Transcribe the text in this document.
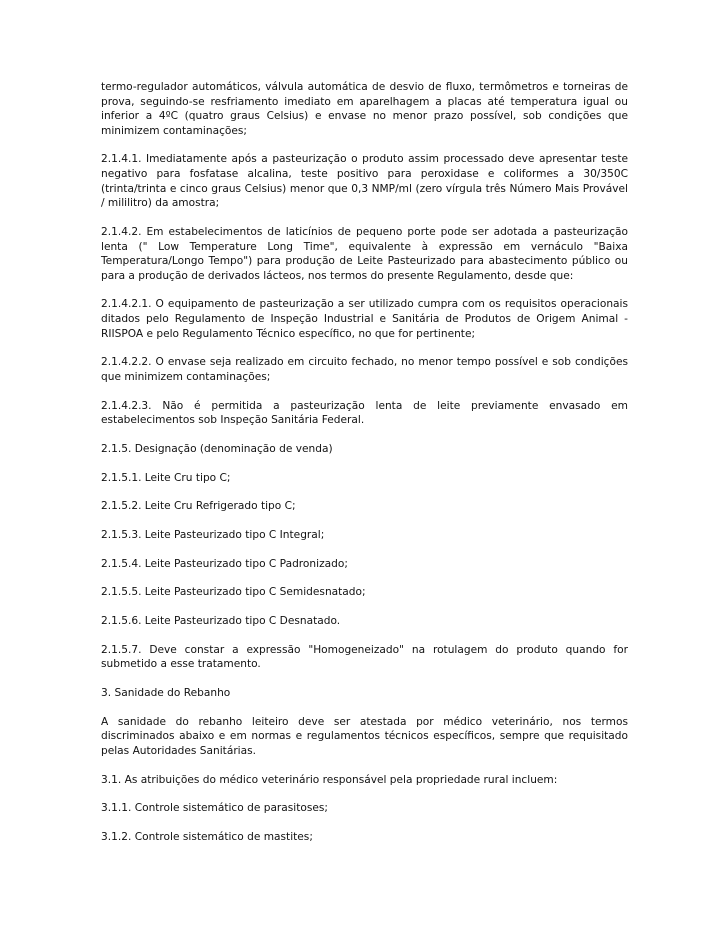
termo-regulador automáticos, válvula automática de desvio de fluxo, termômetros e torneiras de prova, seguindo-se resfriamento imediato em aparelhagem a placas até temperatura igual ou inferior a 4ºC (quatro graus Celsius) e envase no menor prazo possível, sob condições que minimizem contaminações;

2.1.4.1. Imediatamente após a pasteurização o produto assim processado deve apresentar teste negativo para fosfatase alcalina, teste positivo para peroxidase e coliformes a 30/350C (trinta/trinta e cinco graus Celsius) menor que 0,3 NMP/ml (zero vírgula três Número Mais Provável / mililitro) da amostra;

2.1.4.2. Em estabelecimentos de laticínios de pequeno porte pode ser adotada a pasteurização lenta (" Low Temperature Long Time", equivalente à expressão em vernáculo "Baixa Temperatura/Longo Tempo") para produção de Leite Pasteurizado para abastecimento público ou para a produção de derivados lácteos, nos termos do presente Regulamento, desde que:

2.1.4.2.1. O equipamento de pasteurização a ser utilizado cumpra com os requisitos operacionais ditados pelo Regulamento de Inspeção Industrial e Sanitária de Produtos de Origem Animal - RIISPOA e pelo Regulamento Técnico específico, no que for pertinente;

2.1.4.2.2. O envase seja realizado em circuito fechado, no menor tempo possível e sob condições que minimizem contaminações;

2.1.4.2.3. Não é permitida a pasteurização lenta de leite previamente envasado em estabelecimentos sob Inspeção Sanitária Federal.

2.1.5. Designação (denominação de venda)

2.1.5.1. Leite Cru tipo C;

2.1.5.2. Leite Cru Refrigerado tipo C;

2.1.5.3. Leite Pasteurizado tipo C Integral;

2.1.5.4. Leite Pasteurizado tipo C Padronizado;

2.1.5.5. Leite Pasteurizado tipo C Semidesnatado;

2.1.5.6. Leite Pasteurizado tipo C Desnatado.

2.1.5.7. Deve constar a expressão "Homogeneizado" na rotulagem do produto quando for submetido a esse tratamento.

3. Sanidade do Rebanho

A sanidade do rebanho leiteiro deve ser atestada por médico veterinário, nos termos discriminados abaixo e em normas e regulamentos técnicos específicos, sempre que requisitado pelas Autoridades Sanitárias.

3.1. As atribuições do médico veterinário responsável pela propriedade rural incluem:

3.1.1. Controle sistemático de parasitoses;

3.1.2. Controle sistemático de mastites;
